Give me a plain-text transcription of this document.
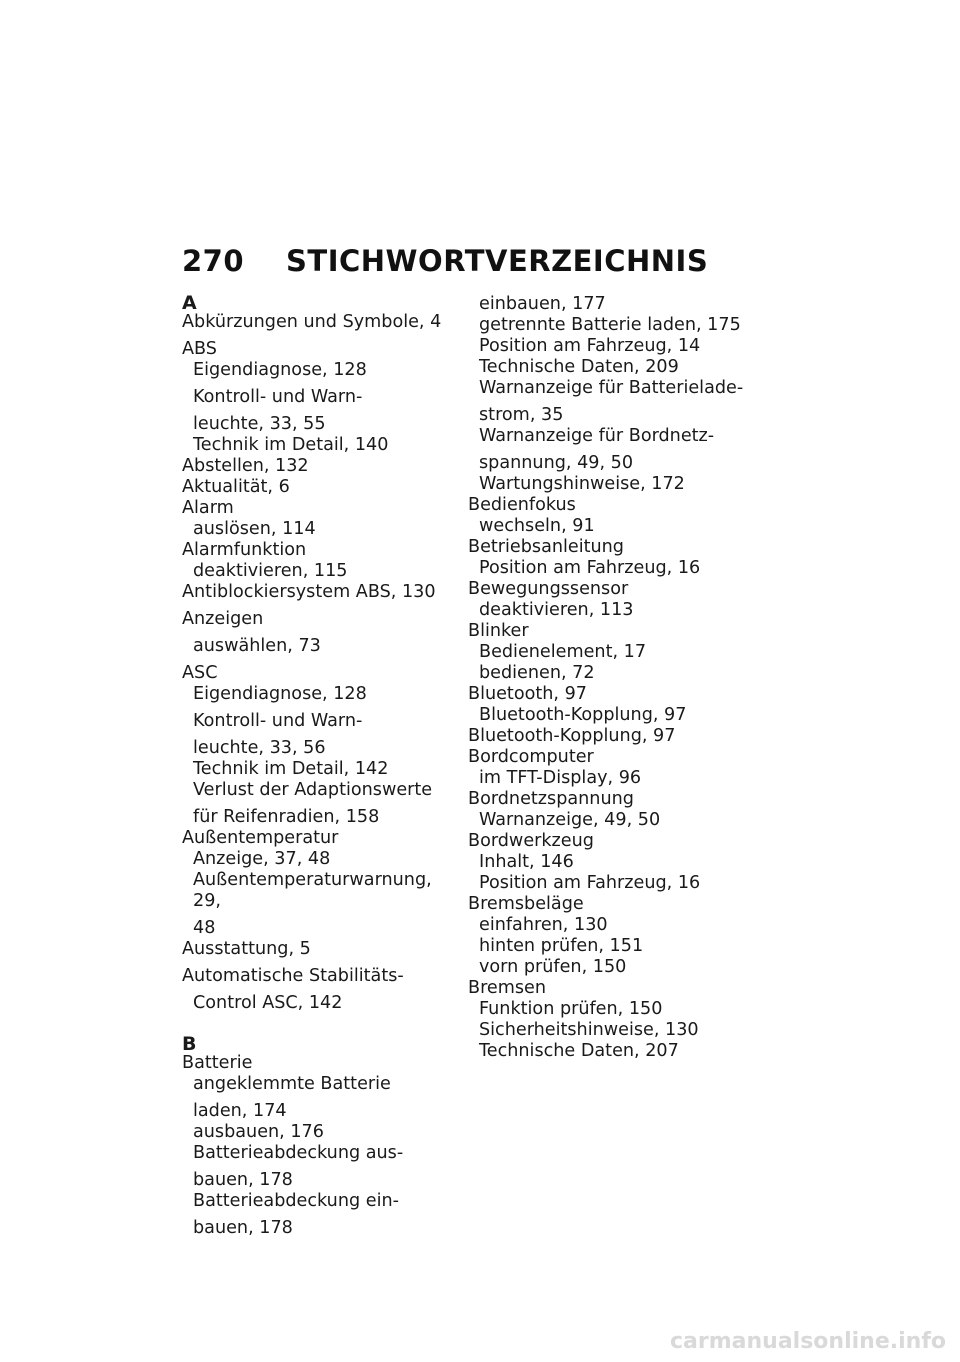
270 STICHWORTVERZEICHNIS
A
Abkürzungen und Symbole, 4
ABS
Eigendiagnose, 128
Kontroll- und Warn-
leuchte, 33, 55
Technik im Detail, 140
Abstellen, 132
Aktualität, 6
Alarm
auslösen, 114
Alarmfunktion
deaktivieren, 115
Antiblockiersystem ABS, 130
Anzeigen
auswählen, 73
ASC
Eigendiagnose, 128
Kontroll- und Warn-
leuchte, 33, 56
Technik im Detail, 142
Verlust der Adaptionswerte
für Reifenradien, 158
Außentemperatur
Anzeige, 37, 48
Außentemperaturwarnung, 29,
48
Ausstattung, 5
Automatische Stabilitäts-
Control ASC, 142
B
Batterie
angeklemmte Batterie
laden, 174
ausbauen, 176
Batterieabdeckung aus-
bauen, 178
Batterieabdeckung ein-
bauen, 178
einbauen, 177
getrennte Batterie laden, 175
Position am Fahrzeug, 14
Technische Daten, 209
Warnanzeige für Batterielade-
strom, 35
Warnanzeige für Bordnetz-
spannung, 49, 50
Wartungshinweise, 172
Bedienfokus
wechseln, 91
Betriebsanleitung
Position am Fahrzeug, 16
Bewegungssensor
deaktivieren, 113
Blinker
Bedienelement, 17
bedienen, 72
Bluetooth, 97
Bluetooth-Kopplung, 97
Bluetooth-Kopplung, 97
Bordcomputer
im TFT-Display, 96
Bordnetzspannung
Warnanzeige, 49, 50
Bordwerkzeug
Inhalt, 146
Position am Fahrzeug, 16
Bremsbeläge
einfahren, 130
hinten prüfen, 151
vorn prüfen, 150
Bremsen
Funktion prüfen, 150
Sicherheitshinweise, 130
Technische Daten, 207
carmanualsonline.info
